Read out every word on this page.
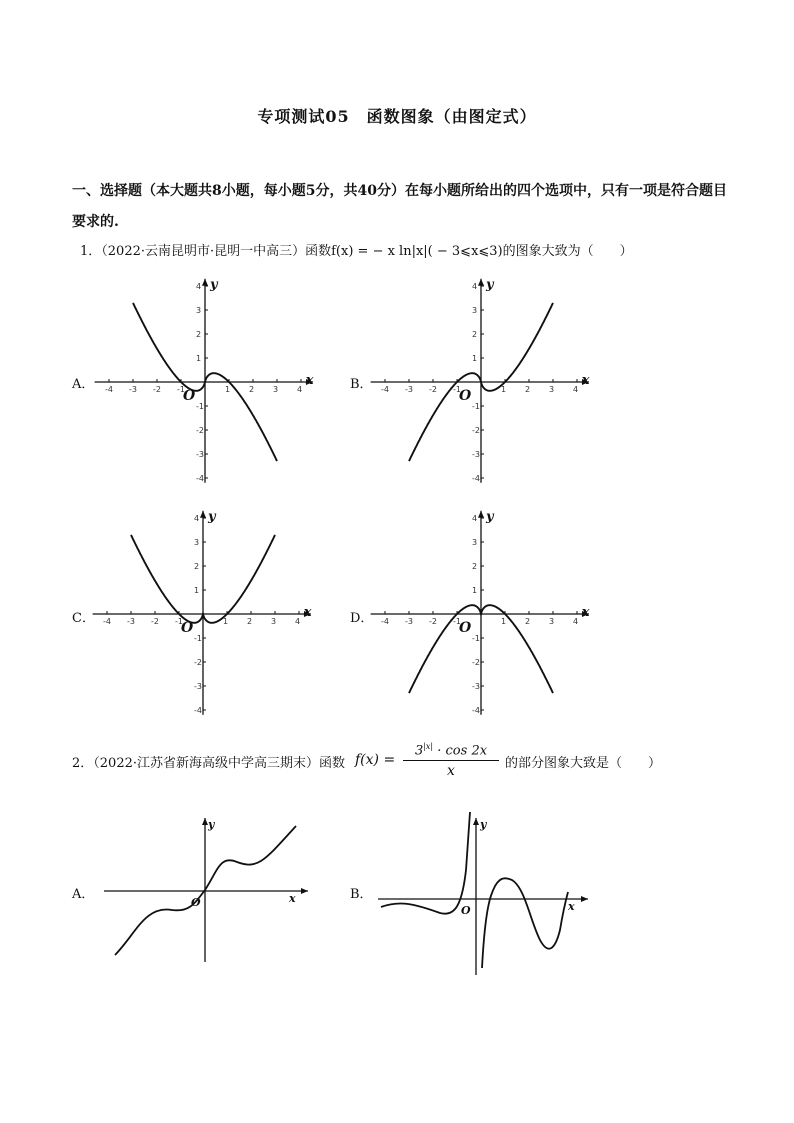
专项测试05　函数图象（由图定式）
一、选择题（本大题共8小题，每小题5分，共40分）在每小题所给出的四个选项中，只有一项是符合题目要求的.
1．（2022·云南昆明市·昆明一中高三）函数f(x) = − x ln|x|( − 3⩽x⩽3)的图象大致为（　　）
A．	B．
C．	D．
-4 -3 -2 -1	1 2 3 4
4
3
2
1
-1
-2
-3
-4
x
y
O	-4 -3 -2 -1	1 2 3 4
4
3
2
1
-1
-2
-3
-4
x
y
O
-4 -3 -2 -1	1 2 3 4
4
3
2
1
-1
-2
-3
-4
x
y
O	-4 -3 -2 -1	1 2 3 4
4
3
2
1
-1
-2
-3
-4
x
y
O
2．（2022·江苏省新海高级中学高三期末）函数 $f(x) = \frac{3^{|x|} \cdot \cos 2x}{x}$ 的部分图象大致是（　　）
A．	B．
x
y
O	x
y
O
